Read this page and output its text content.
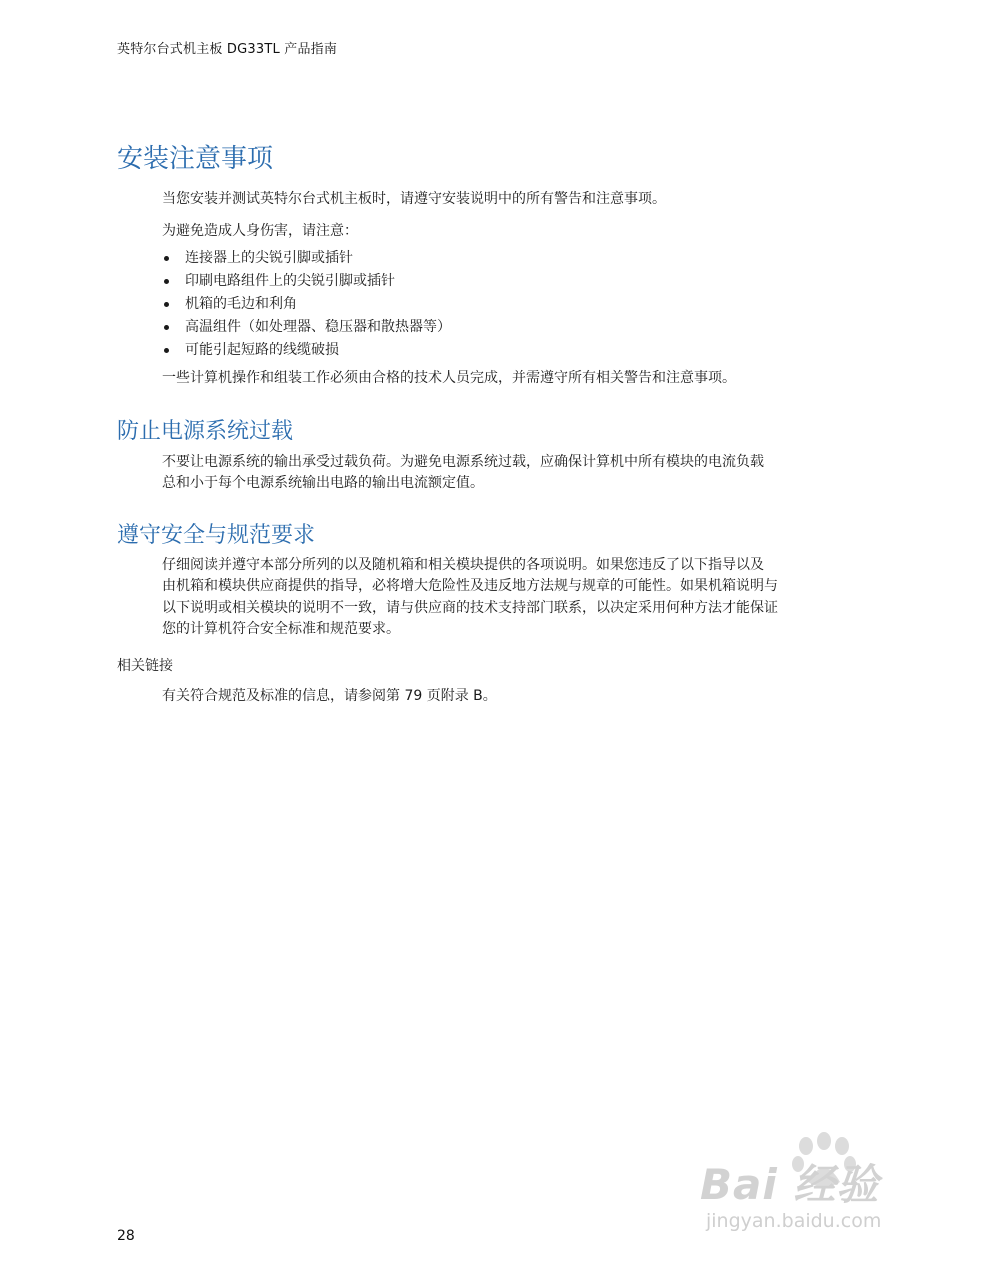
英特尔台式机主板 DG33TL 产品指南
安装注意事项

当您安装并测试英特尔台式机主板时，请遵守安装说明中的所有警告和注意事项。

为避免造成人身伤害，请注意：

连接器上的尖锐引脚或插针
印刷电路组件上的尖锐引脚或插针
机箱的毛边和利角
高温组件（如处理器、稳压器和散热器等）
可能引起短路的线缆破损

一些计算机操作和组装工作必须由合格的技术人员完成，并需遵守所有相关警告和注意事项。

防止电源系统过载

不要让电源系统的输出承受过载负荷。为避免电源系统过载，应确保计算机中所有模块的电流负载

总和小于每个电源系统输出电路的输出电流额定值。

遵守安全与规范要求

仔细阅读并遵守本部分所列的以及随机箱和相关模块提供的各项说明。如果您违反了以下指导以及

由机箱和模块供应商提供的指导，必将增大危险性及违反地方法规与规章的可能性。如果机箱说明与

以下说明或相关模块的说明不一致，请与供应商的技术支持部门联系，以决定采用何种方法才能保证

您的计算机符合安全标准和规范要求。

相关链接

有关符合规范及标准的信息，请参阅第 79 页附录 B。

Bai 经验
jingyan.baidu.com
28
